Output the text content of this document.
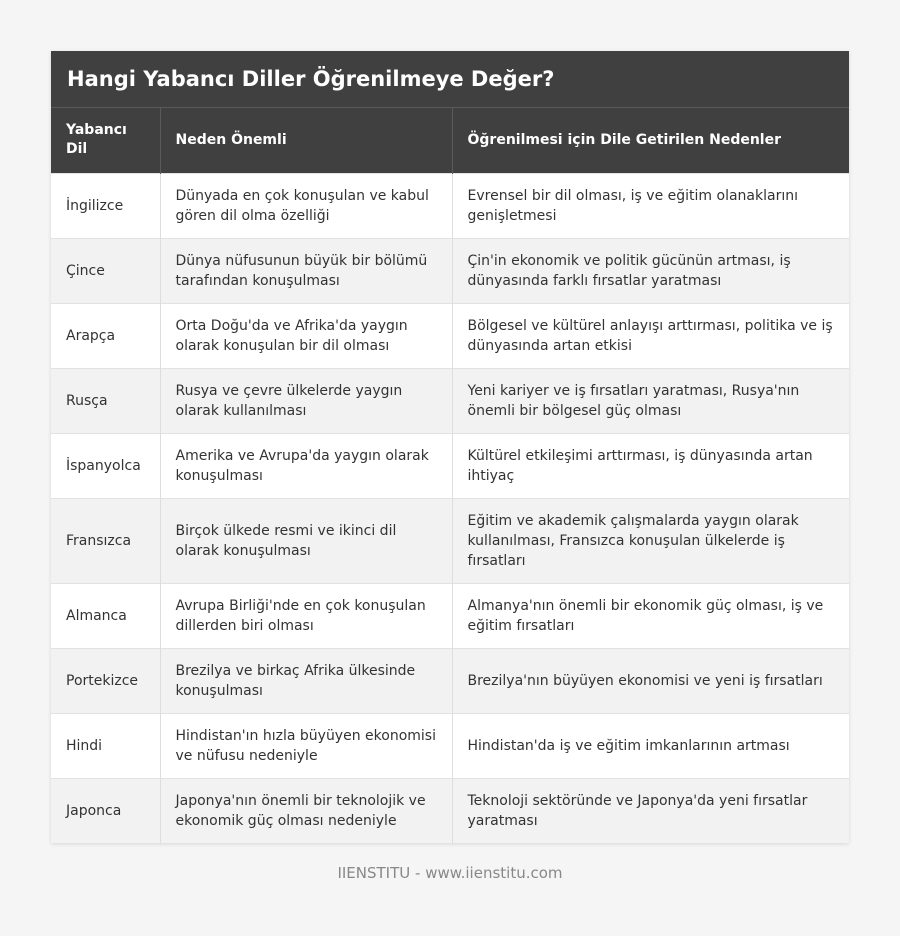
Hangi Yabancı Diller Öğrenilmeye Değer?
Yabancı Dil	Neden Önemli	Öğrenilmesi için Dile Getirilen Nedenler
İngilizce	Dünyada en çok konuşulan ve kabul gören dil olma özelliği	Evrensel bir dil olması, iş ve eğitim olanaklarını genişletmesi
Çince	Dünya nüfusunun büyük bir bölümü tarafından konuşulması	Çin'in ekonomik ve politik gücünün artması, iş dünyasında farklı fırsatlar yaratması
Arapça	Orta Doğu'da ve Afrika'da yaygın olarak konuşulan bir dil olması	Bölgesel ve kültürel anlayışı arttırması, politika ve iş dünyasında artan etkisi
Rusça	Rusya ve çevre ülkelerde yaygın olarak kullanılması	Yeni kariyer ve iş fırsatları yaratması, Rusya'nın önemli bir bölgesel güç olması
İspanyolca	Amerika ve Avrupa'da yaygın olarak konuşulması	Kültürel etkileşimi arttırması, iş dünyasında artan ihtiyaç
Fransızca	Birçok ülkede resmi ve ikinci dil olarak konuşulması	Eğitim ve akademik çalışmalarda yaygın olarak kullanılması, Fransızca konuşulan ülkelerde iş fırsatları
Almanca	Avrupa Birliği'nde en çok konuşulan dillerden biri olması	Almanya'nın önemli bir ekonomik güç olması, iş ve eğitim fırsatları
Portekizce	Brezilya ve birkaç Afrika ülkesinde konuşulması	Brezilya'nın büyüyen ekonomisi ve yeni iş fırsatları
Hindi	Hindistan'ın hızla büyüyen ekonomisi ve nüfusu nedeniyle	Hindistan'da iş ve eğitim imkanlarının artması
Japonca	Japonya'nın önemli bir teknolojik ve ekonomik güç olması nedeniyle	Teknoloji sektöründe ve Japonya'da yeni fırsatlar yaratması
IIENSTITU - www.iienstitu.com
